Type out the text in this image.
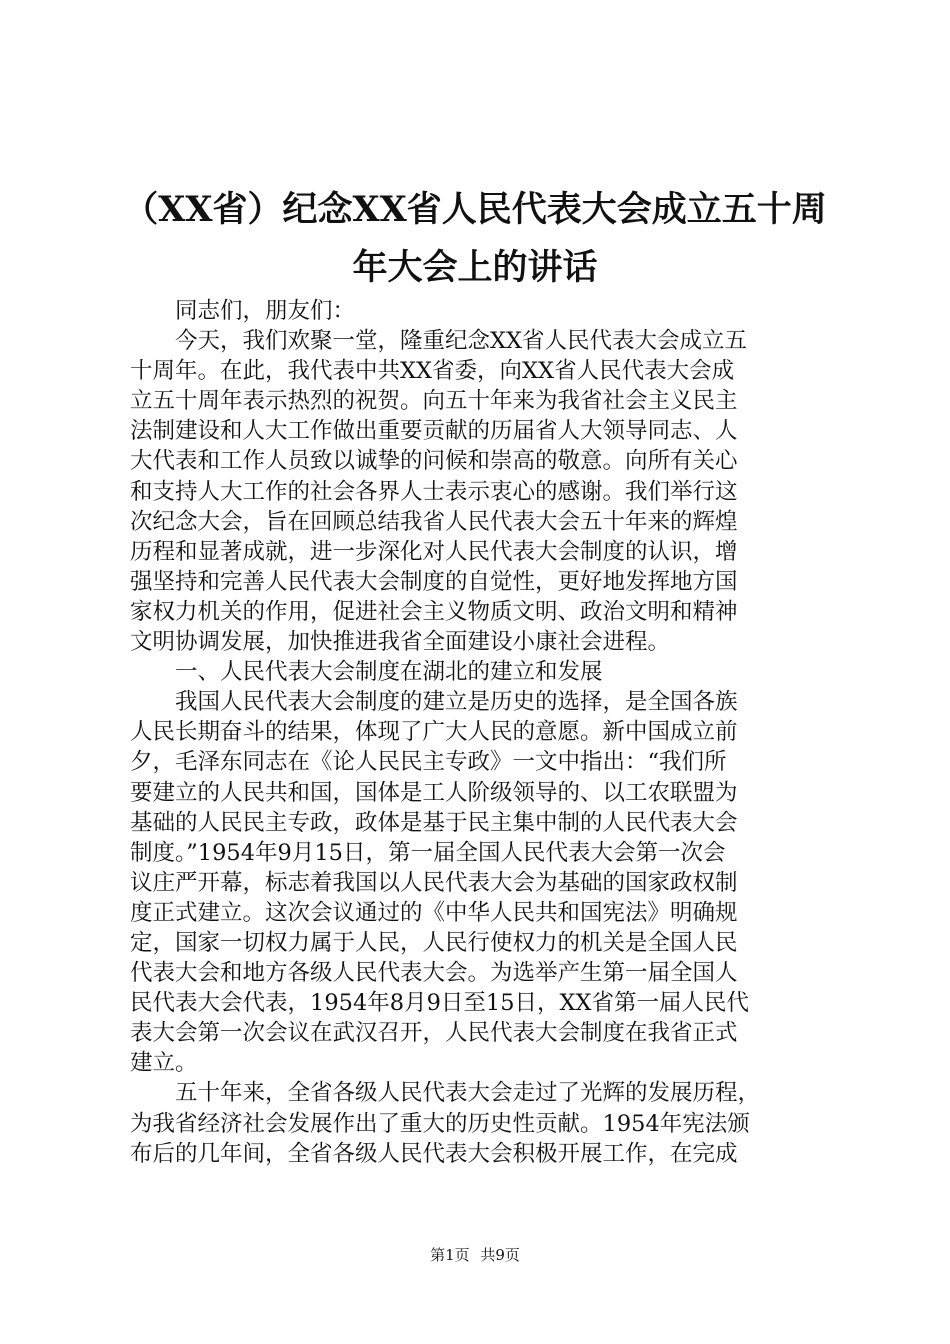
（XX省）纪念XX省人民代表大会成立五十周
年大会上的讲话
　　同志们，朋友们：
　　今天，我们欢聚一堂，隆重纪念XX省人民代表大会成立五
十周年。在此，我代表中共XX省委，向XX省人民代表大会成
立五十周年表示热烈的祝贺。向五十年来为我省社会主义民主
法制建设和人大工作做出重要贡献的历届省人大领导同志、人
大代表和工作人员致以诚挚的问候和崇高的敬意。向所有关心
和支持人大工作的社会各界人士表示衷心的感谢。我们举行这
次纪念大会，旨在回顾总结我省人民代表大会五十年来的辉煌
历程和显著成就，进一步深化对人民代表大会制度的认识，增
强坚持和完善人民代表大会制度的自觉性，更好地发挥地方国
家权力机关的作用，促进社会主义物质文明、政治文明和精神
文明协调发展，加快推进我省全面建设小康社会进程。
　　一、人民代表大会制度在湖北的建立和发展
　　我国人民代表大会制度的建立是历史的选择，是全国各族
人民长期奋斗的结果，体现了广大人民的意愿。新中国成立前
夕，毛泽东同志在《论人民民主专政》一文中指出：“我们所
要建立的人民共和国，国体是工人阶级领导的、以工农联盟为
基础的人民民主专政，政体是基于民主集中制的人民代表大会
制度。”1954年9月15日，第一届全国人民代表大会第一次会
议庄严开幕，标志着我国以人民代表大会为基础的国家政权制
度正式建立。这次会议通过的《中华人民共和国宪法》明确规
定，国家一切权力属于人民，人民行使权力的机关是全国人民
代表大会和地方各级人民代表大会。为选举产生第一届全国人
民代表大会代表，1954年8月9日至15日，XX省第一届人民代
表大会第一次会议在武汉召开，人民代表大会制度在我省正式
建立。
　　五十年来，全省各级人民代表大会走过了光辉的发展历程，
为我省经济社会发展作出了重大的历史性贡献。1954年宪法颁
布后的几年间，全省各级人民代表大会积极开展工作，在完成
第1页 共9页
